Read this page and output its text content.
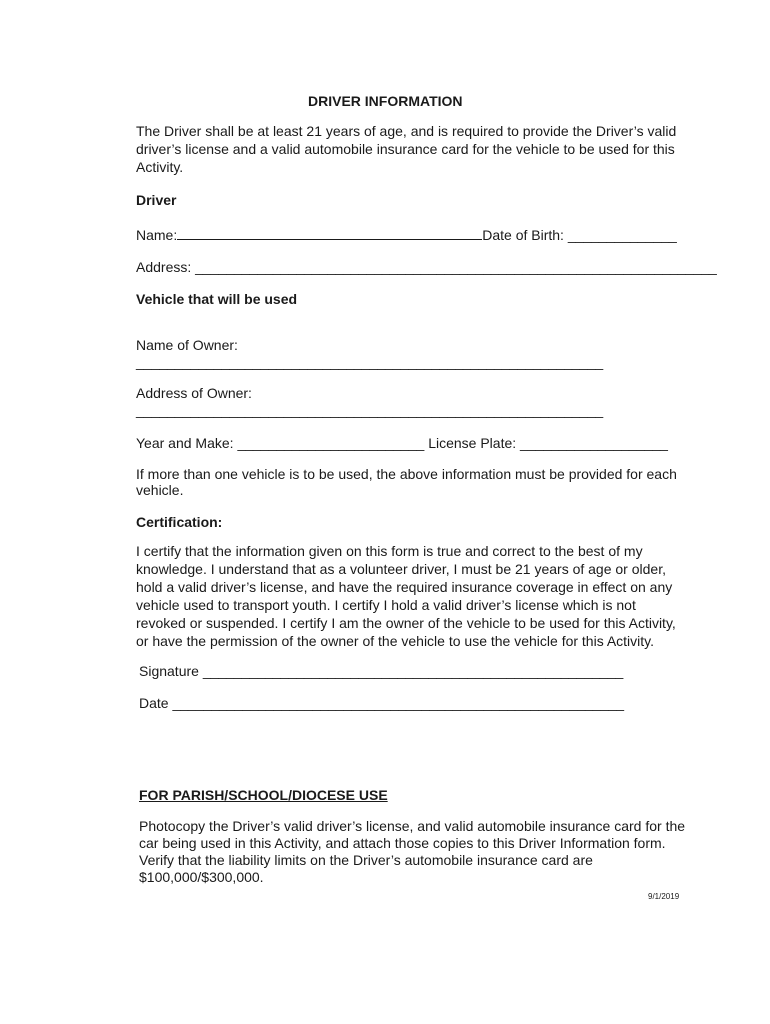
DRIVER INFORMATION
The Driver shall be at least 21 years of age, and is required to provide the Driver’s valid
driver’s license and a valid automobile insurance card for the vehicle to be used for this
Activity.
Driver
Name:	Date of Birth: ______________
Address: ___________________________________________________________________
Vehicle that will be used
Name of Owner:
____________________________________________________________
Address of Owner:
____________________________________________________________
Year and Make: ________________________ License Plate: ___________________
If more than one vehicle is to be used, the above information must be provided for each
vehicle.
Certification:
I certify that the information given on this form is true and correct to the best of my
knowledge. I understand that as a volunteer driver, I must be 21 years of age or older,
hold a valid driver’s license, and have the required insurance coverage in effect on any
vehicle used to transport youth. I certify I hold a valid driver’s license which is not
revoked or suspended. I certify I am the owner of the vehicle to be used for this Activity,
or have the permission of the owner of the vehicle to use the vehicle for this Activity.
Signature ______________________________________________________
Date __________________________________________________________
FOR PARISH/SCHOOL/DIOCESE USE
Photocopy the Driver’s valid driver’s license, and valid automobile insurance card for the
car being used in this Activity, and attach those copies to this Driver Information form.
Verify that the liability limits on the Driver’s automobile insurance card are
$100,000/$300,000.
9/1/2019
